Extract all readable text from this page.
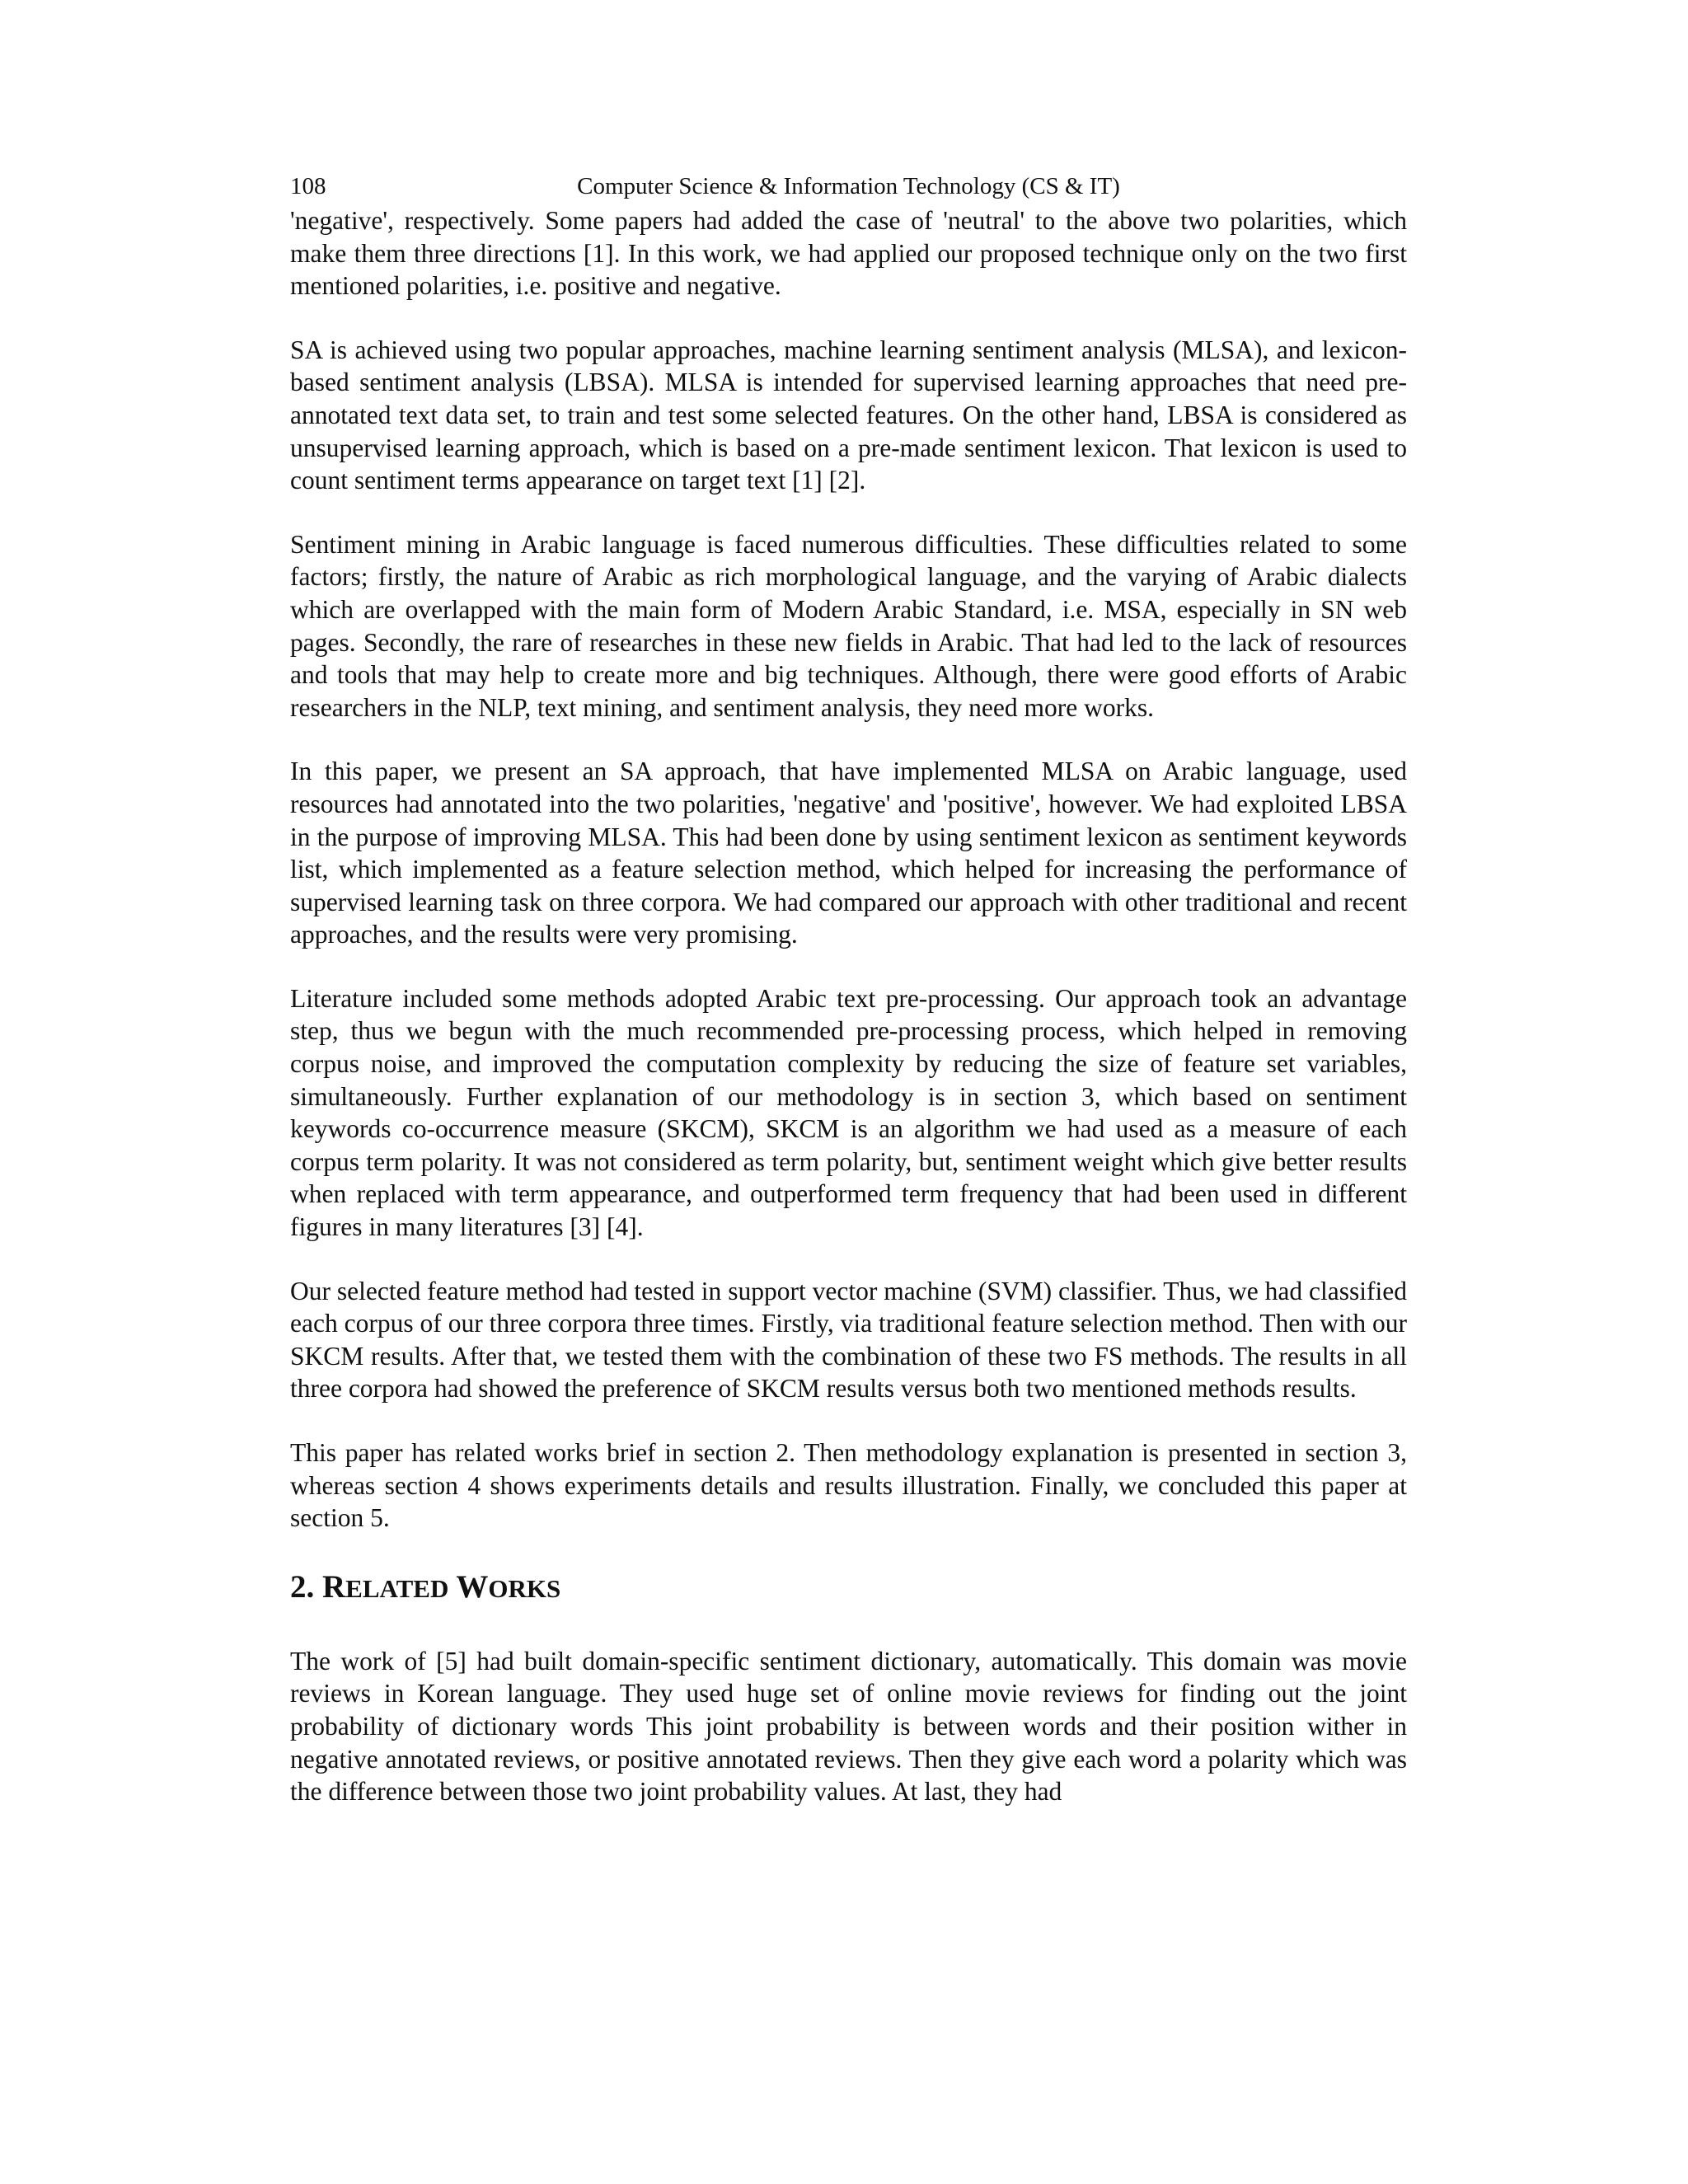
108	Computer Science & Information Technology (CS & IT)

'negative', respectively. Some papers had added the case of 'neutral' to the above two polarities, which make them three directions [1]. In this work, we had applied our proposed technique only on the two first mentioned polarities, i.e. positive and negative.

SA is achieved using two popular approaches, machine learning sentiment analysis (MLSA), and lexicon-based sentiment analysis (LBSA). MLSA is intended for supervised learning approaches that need pre-annotated text data set, to train and test some selected features. On the other hand, LBSA is considered as unsupervised learning approach, which is based on a pre-made sentiment lexicon. That lexicon is used to count sentiment terms appearance on target text [1] [2].

Sentiment mining in Arabic language is faced numerous difficulties. These difficulties related to some factors; firstly, the nature of Arabic as rich morphological language, and the varying of Arabic dialects which are overlapped with the main form of Modern Arabic Standard, i.e. MSA, especially in SN web pages. Secondly, the rare of researches in these new fields in Arabic. That had led to the lack of resources and tools that may help to create more and big techniques. Although, there were good efforts of Arabic researchers in the NLP, text mining, and sentiment analysis, they need more works.

In this paper, we present an SA approach, that have implemented MLSA on Arabic language, used resources had annotated into the two polarities, 'negative' and 'positive', however. We had exploited LBSA in the purpose of improving MLSA. This had been done by using sentiment lexicon as sentiment keywords list, which implemented as a feature selection method, which helped for increasing the performance of supervised learning task on three corpora. We had compared our approach with other traditional and recent approaches, and the results were very promising.

Literature included some methods adopted Arabic text pre-processing. Our approach took an advantage step, thus we begun with the much recommended pre-processing process, which helped in removing corpus noise, and improved the computation complexity by reducing the size of feature set variables, simultaneously. Further explanation of our methodology is in section 3, which based on sentiment keywords co-occurrence measure (SKCM), SKCM is an algorithm we had used as a measure of each corpus term polarity. It was not considered as term polarity, but, sentiment weight which give better results when replaced with term appearance, and outperformed term frequency that had been used in different figures in many literatures [3] [4].

Our selected feature method had tested in support vector machine (SVM) classifier. Thus, we had classified each corpus of our three corpora three times. Firstly, via traditional feature selection method. Then with our SKCM results. After that, we tested them with the combination of these two FS methods. The results in all three corpora had showed the preference of SKCM results versus both two mentioned methods results.

This paper has related works brief in section 2. Then methodology explanation is presented in section 3, whereas section 4 shows experiments details and results illustration. Finally, we concluded this paper at section 5.

2. RELATED WORKS

The work of [5] had built domain-specific sentiment dictionary, automatically. This domain was movie reviews in Korean language. They used huge set of online movie reviews for finding out the joint probability of dictionary words This joint probability is between words and their position wither in negative annotated reviews, or positive annotated reviews. Then they give each word a polarity which was the difference between those two joint probability values. At last, they had
